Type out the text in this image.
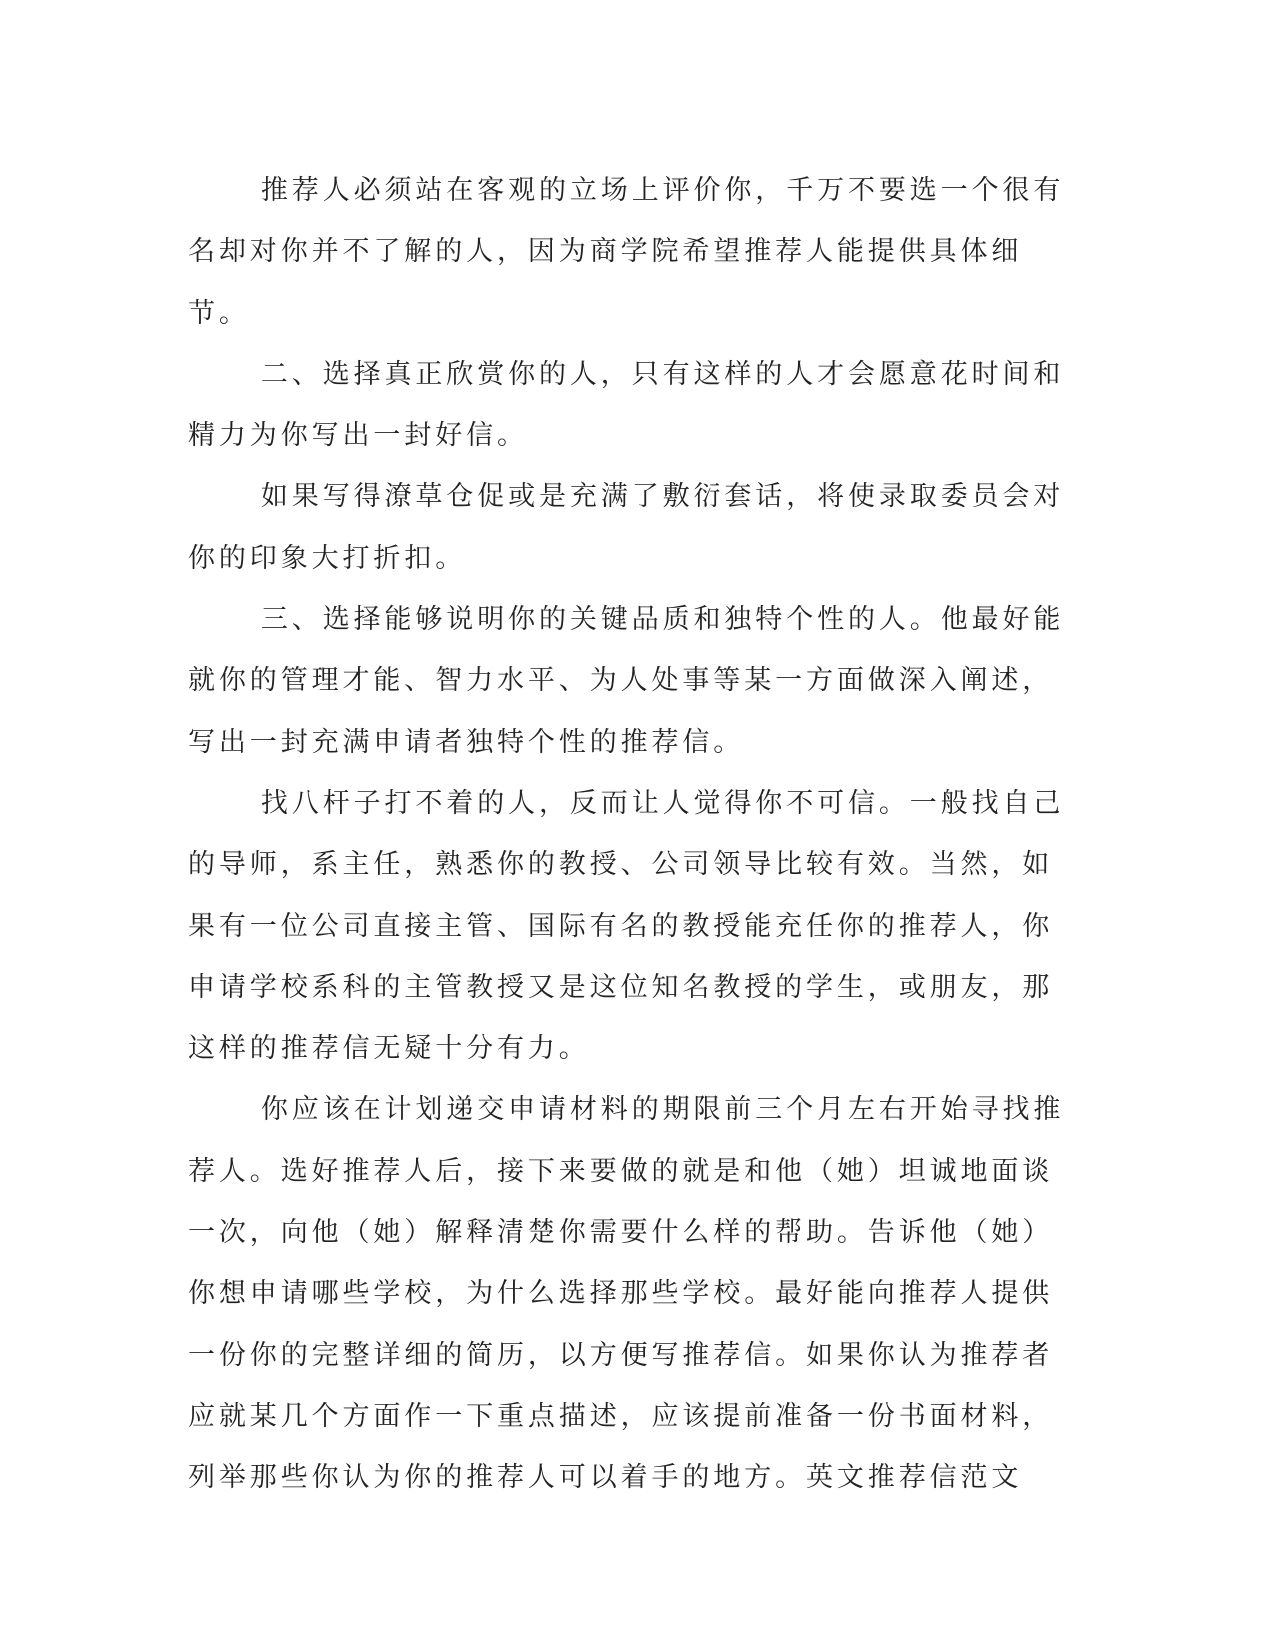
推荐人必须站在客观的立场上评价你，千万不要选一个很有名却对你并不了解的人，因为商学院希望推荐人能提供具体细节。

二、选择真正欣赏你的人，只有这样的人才会愿意花时间和精力为你写出一封好信。

如果写得潦草仓促或是充满了敷衍套话，将使录取委员会对你的印象大打折扣。

三、选择能够说明你的关键品质和独特个性的人。他最好能就你的管理才能、智力水平、为人处事等某一方面做深入阐述，写出一封充满申请者独特个性的推荐信。

找八杆子打不着的人，反而让人觉得你不可信。一般找自己的导师，系主任，熟悉你的教授、公司领导比较有效。当然，如果有一位公司直接主管、国际有名的教授能充任你的推荐人，你申请学校系科的主管教授又是这位知名教授的学生，或朋友，那这样的推荐信无疑十分有力。

你应该在计划递交申请材料的期限前三个月左右开始寻找推荐人。选好推荐人后，接下来要做的就是和他（她）坦诚地面谈一次，向他（她）解释清楚你需要什么样的帮助。告诉他（她）你想申请哪些学校，为什么选择那些学校。最好能向推荐人提供一份你的完整详细的简历，以方便写推荐信。如果你认为推荐者应就某几个方面作一下重点描述，应该提前准备一份书面材料，列举那些你认为你的推荐人可以着手的地方。英文推荐信范文
